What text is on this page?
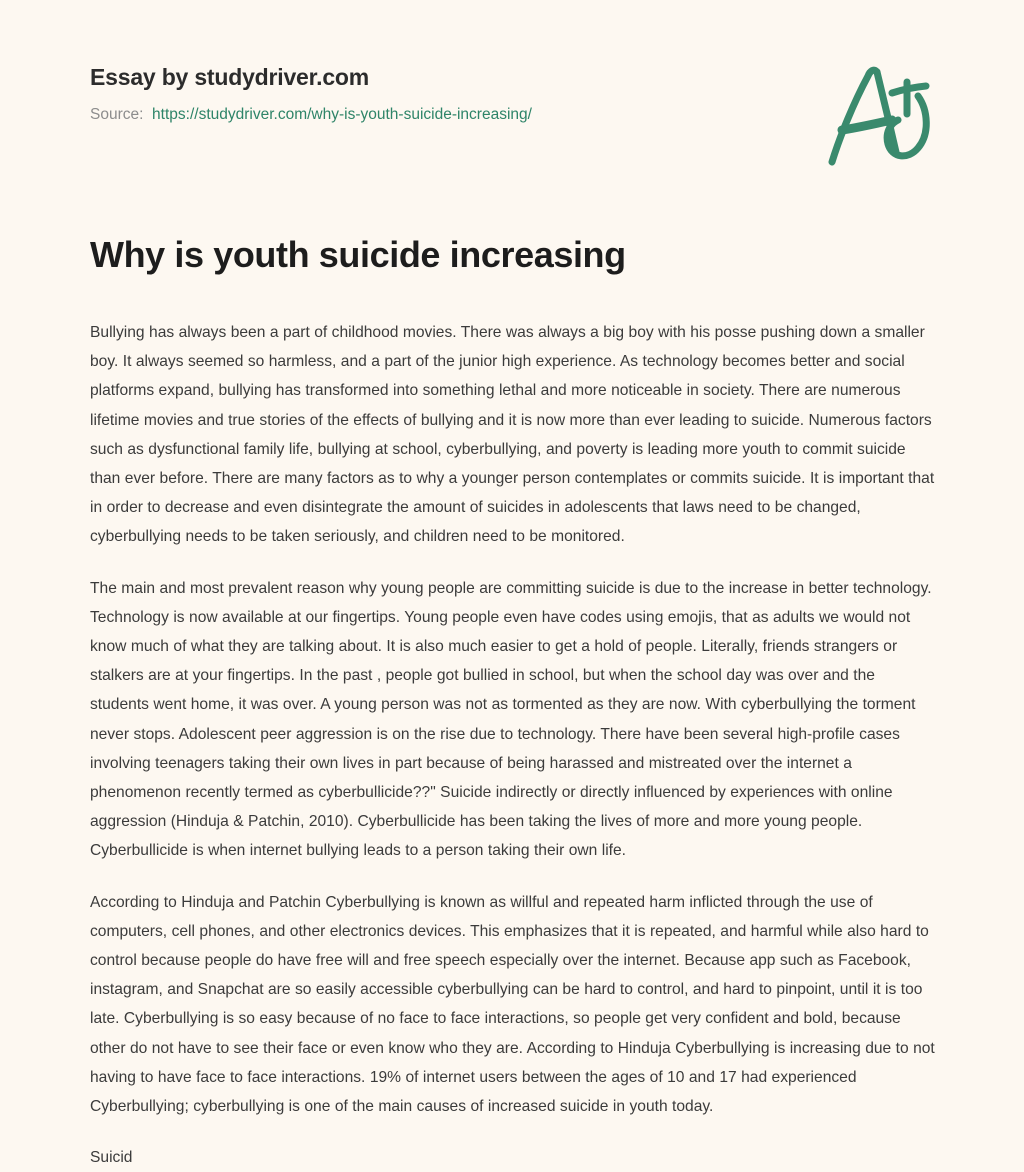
Essay by studydriver.com
Source: https://studydriver.com/why-is-youth-suicide-increasing/
Why is youth suicide increasing

Bullying has always been a part of childhood movies. There was always a big boy with his posse pushing down a smaller boy. It always seemed so harmless, and a part of the junior high experience. As technology becomes better and social platforms expand, bullying has transformed into something lethal and more noticeable in society. There are numerous lifetime movies and true stories of the effects of bullying and it is now more than ever leading to suicide. Numerous factors such as dysfunctional family life, bullying at school, cyberbullying, and poverty is leading more youth to commit suicide than ever before. There are many factors as to why a younger person contemplates or commits suicide. It is important that in order to decrease and even disintegrate the amount of suicides in adolescents that laws need to be changed, cyberbullying needs to be taken seriously, and children need to be monitored.

The main and most prevalent reason why young people are committing suicide is due to the increase in better technology. Technology is now available at our fingertips. Young people even have codes using emojis, that as adults we would not know much of what they are talking about. It is also much easier to get a hold of people. Literally, friends strangers or stalkers are at your fingertips. In the past , people got bullied in school, but when the school day was over and the students went home, it was over. A young person was not as tormented as they are now. With cyberbullying the torment never stops. Adolescent peer aggression is on the rise due to technology. There have been several high-profile cases involving teenagers taking their own lives in part because of being harassed and mistreated over the internet a phenomenon recently termed as cyberbullicide??" Suicide indirectly or directly influenced by experiences with online aggression (Hinduja & Patchin, 2010). Cyberbullicide has been taking the lives of more and more young people. Cyberbullicide is when internet bullying leads to a person taking their own life.

According to Hinduja and Patchin Cyberbullying is known as willful and repeated harm inflicted through the use of computers, cell phones, and other electronics devices. This emphasizes that it is repeated, and harmful while also hard to control because people do have free will and free speech especially over the internet. Because app such as Facebook, instagram, and Snapchat are so easily accessible cyberbullying can be hard to control, and hard to pinpoint, until it is too late. Cyberbullying is so easy because of no face to face interactions, so people get very confident and bold, because other do not have to see their face or even know who they are. According to Hinduja Cyberbullying is increasing due to not having to have face to face interactions. 19% of internet users between the ages of 10 and 17 had experienced Cyberbullying; cyberbullying is one of the main causes of increased suicide in youth today.

Suicid
